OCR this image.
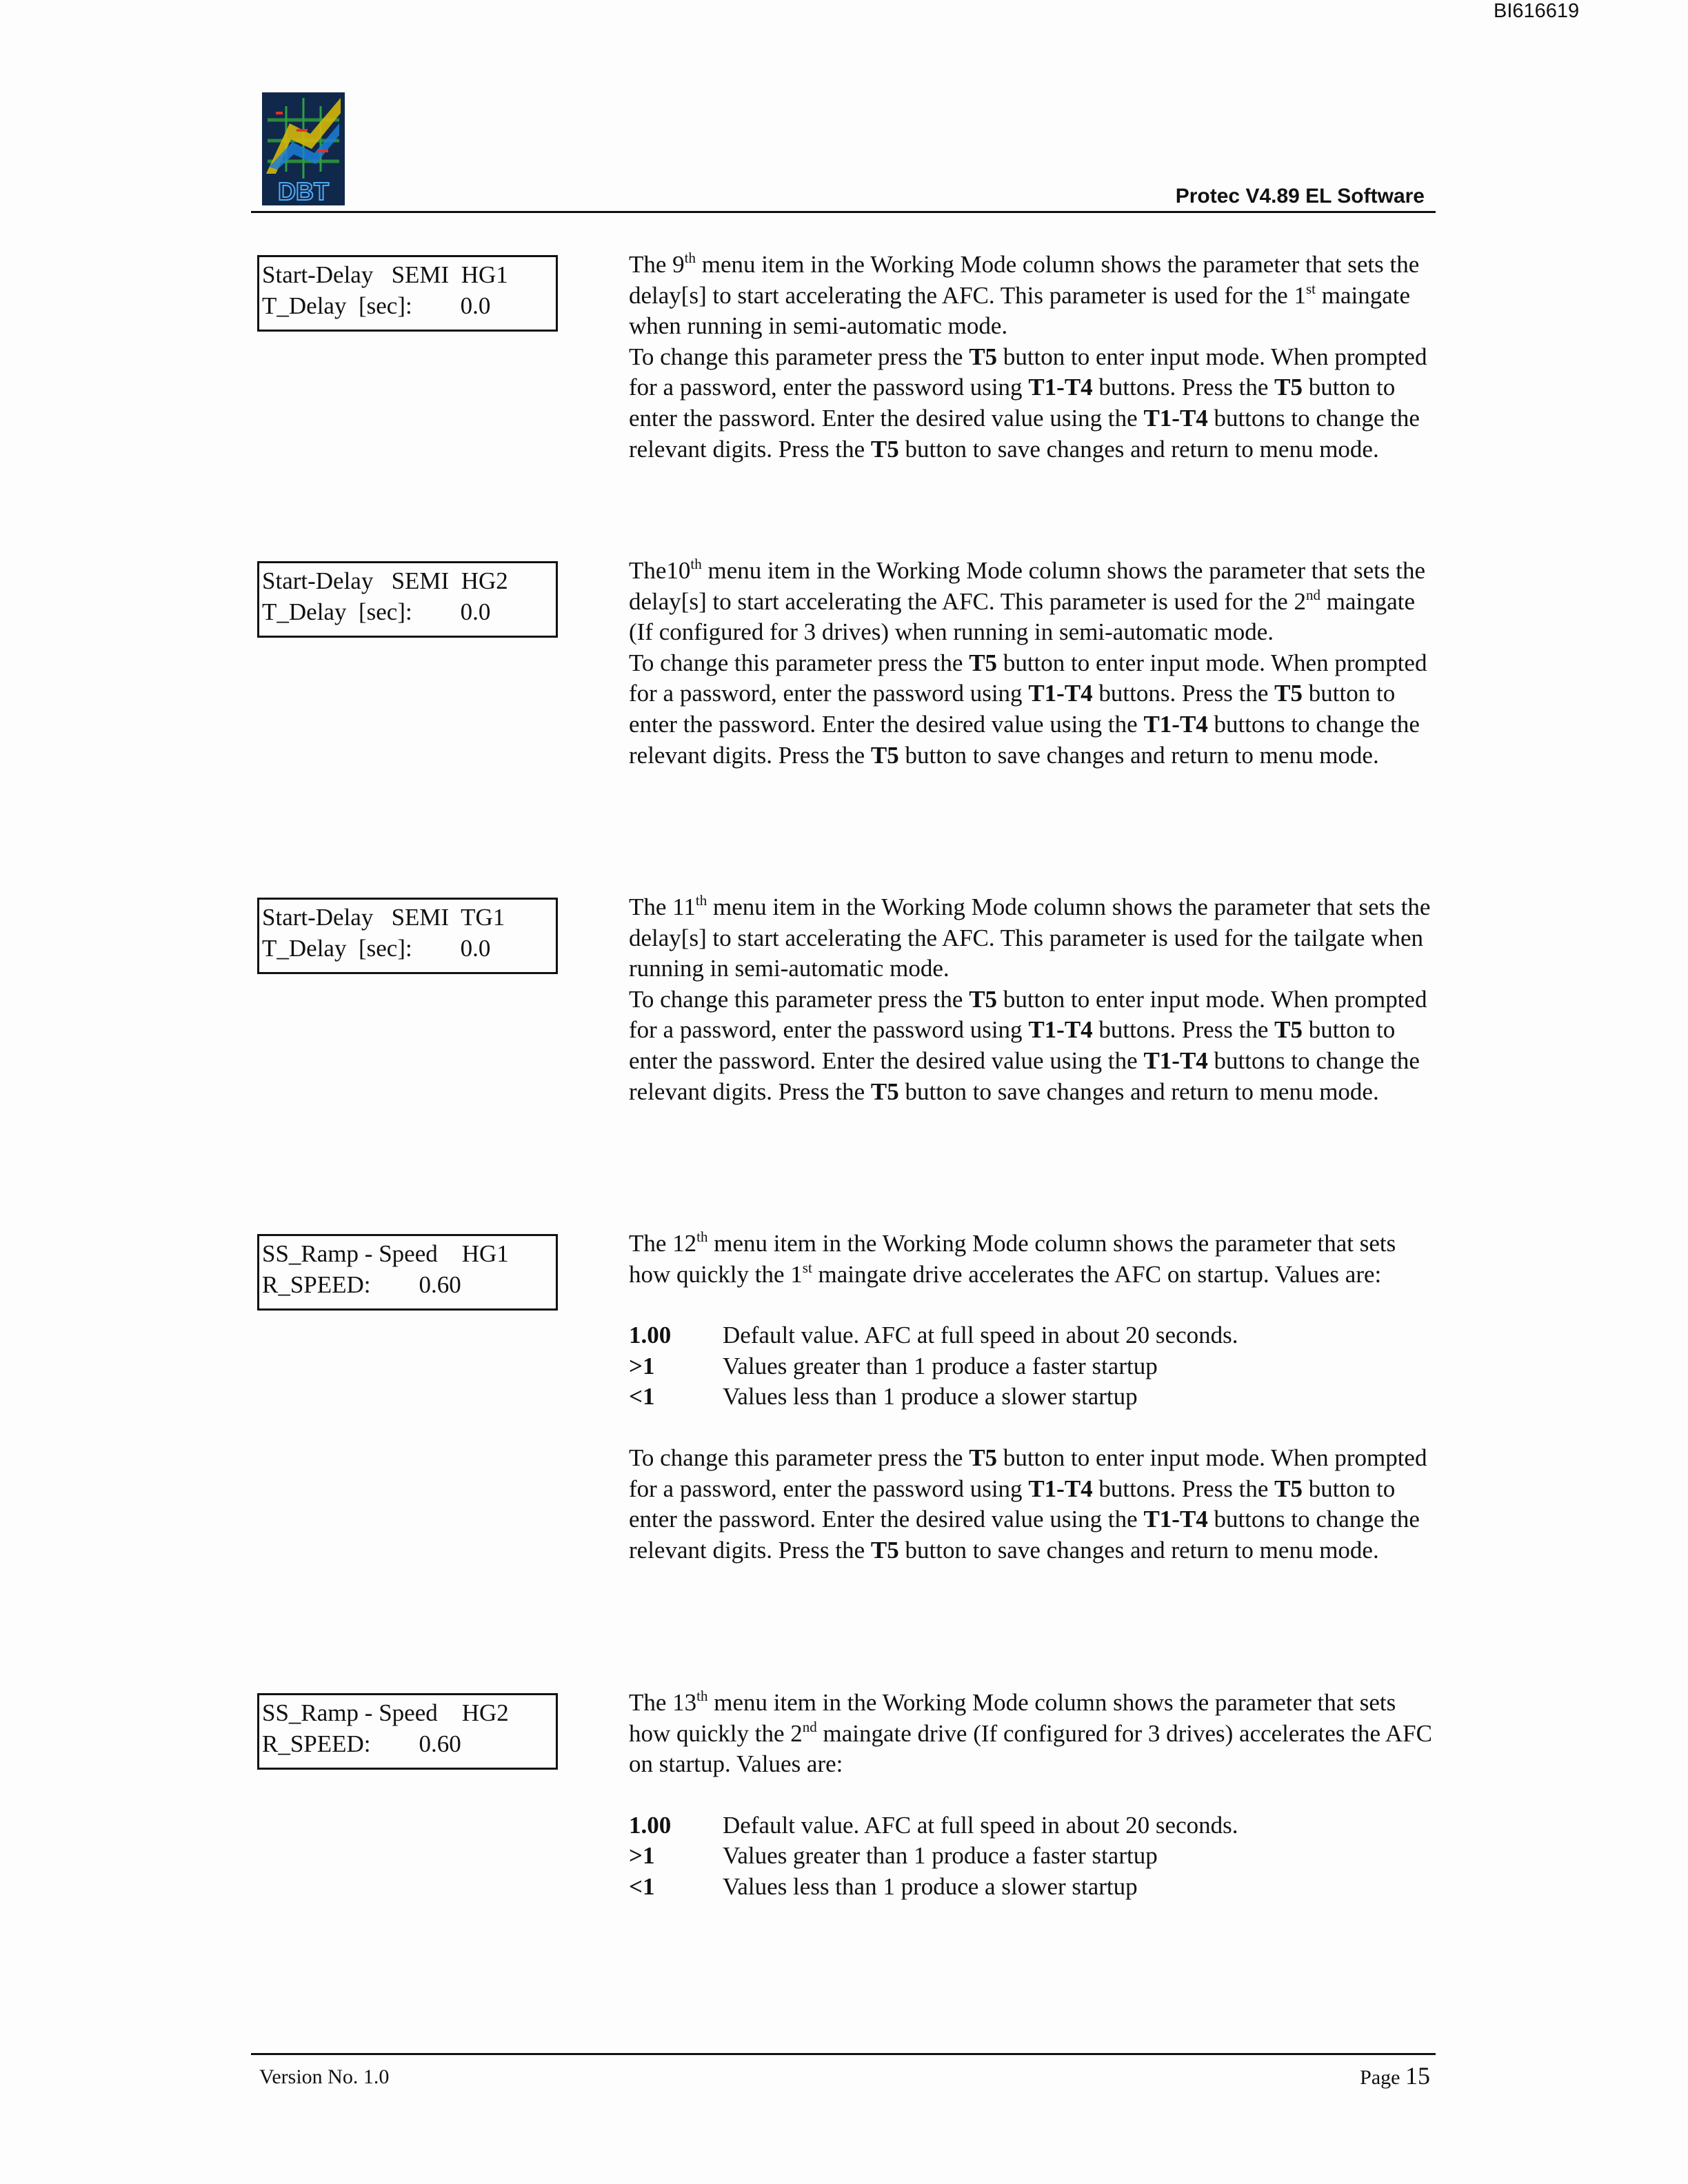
BI616619
DBT	Protec V4.89 EL Software
Start-Delay   SEMI  HG1
T_Delay  [sec]:        0.0

The 9th menu item in the Working Mode column shows the parameter that sets the delay[s] to start accelerating the AFC. This parameter is used for the 1st maingate when running in semi-automatic mode.

To change this parameter press the T5 button to enter input mode. When prompted for a password, enter the password using T1-T4 buttons. Press the T5 button to enter the password. Enter the desired value using the T1-T4 buttons to change the relevant digits. Press the T5 button to save changes and return to menu mode.

Start-Delay   SEMI  HG2
T_Delay  [sec]:        0.0

The10th menu item in the Working Mode column shows the parameter that sets the delay[s] to start accelerating the AFC. This parameter is used for the 2nd maingate (If configured for 3 drives) when running in semi-automatic mode.

To change this parameter press the T5 button to enter input mode. When prompted for a password, enter the password using T1-T4 buttons. Press the T5 button to enter the password. Enter the desired value using the T1-T4 buttons to change the relevant digits. Press the T5 button to save changes and return to menu mode.

Start-Delay   SEMI  TG1
T_Delay  [sec]:        0.0

The 11th menu item in the Working Mode column shows the parameter that sets the delay[s] to start accelerating the AFC. This parameter is used for the tailgate when running in semi-automatic mode.

To change this parameter press the T5 button to enter input mode. When prompted for a password, enter the password using T1-T4 buttons. Press the T5 button to enter the password. Enter the desired value using the T1-T4 buttons to change the relevant digits. Press the T5 button to save changes and return to menu mode.

SS_Ramp - Speed    HG1
R_SPEED:        0.60

The 12th menu item in the Working Mode column shows the parameter that sets how quickly the 1st maingate drive accelerates the AFC on startup. Values are:

1.00	Default value. AFC at full speed in about 20 seconds.
>1	Values greater than 1 produce a faster startup
<1	Values less than 1 produce a slower startup

To change this parameter press the T5 button to enter input mode. When prompted for a password, enter the password using T1-T4 buttons. Press the T5 button to enter the password. Enter the desired value using the T1-T4 buttons to change the relevant digits. Press the T5 button to save changes and return to menu mode.

SS_Ramp - Speed    HG2
R_SPEED:        0.60

The 13th menu item in the Working Mode column shows the parameter that sets how quickly the 2nd maingate drive (If configured for 3 drives) accelerates the AFC on startup. Values are:

1.00	Default value. AFC at full speed in about 20 seconds.
>1	Values greater than 1 produce a faster startup
<1	Values less than 1 produce a slower startup
Version No. 1.0	Page 15
